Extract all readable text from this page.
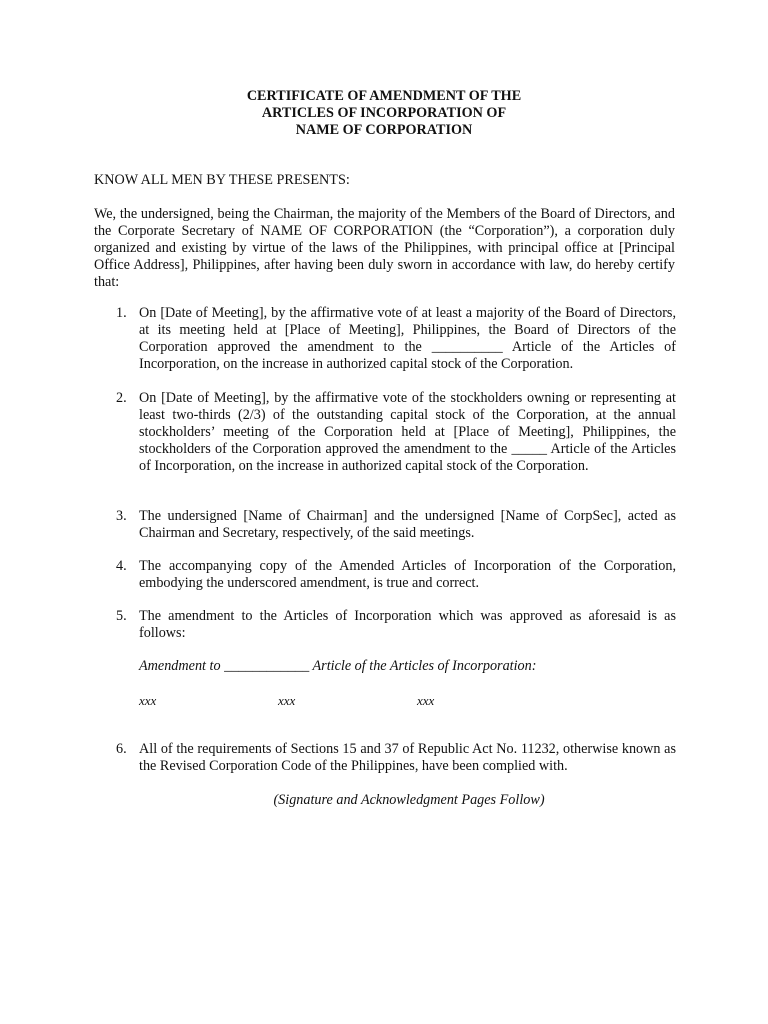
CERTIFICATE OF AMENDMENT OF THE
ARTICLES OF INCORPORATION OF
NAME OF CORPORATION
KNOW ALL MEN BY THESE PRESENTS:
We, the undersigned, being the Chairman, the majority of the Members of the Board of Directors, and the Corporate Secretary of NAME OF CORPORATION (the “Corporation”), a corporation duly organized and existing by virtue of the laws of the Philippines, with principal office at [Principal Office Address], Philippines, after having been duly sworn in accordance with law, do hereby certify that:
1. On [Date of Meeting], by the affirmative vote of at least a majority of the Board of Directors, at its meeting held at [Place of Meeting], Philippines, the Board of Directors of the Corporation approved the amendment to the __________ Article of the Articles of Incorporation, on the increase in authorized capital stock of the Corporation.
2. On [Date of Meeting], by the affirmative vote of the stockholders owning or representing at least two-thirds (2/3) of the outstanding capital stock of the Corporation, at the annual stockholders’ meeting of the Corporation held at [Place of Meeting], Philippines, the stockholders of the Corporation approved the amendment to the _____ Article of the Articles of Incorporation, on the increase in authorized capital stock of the Corporation.
3. The undersigned [Name of Chairman] and the undersigned [Name of CorpSec], acted as Chairman and Secretary, respectively, of the said meetings.
4. The accompanying copy of the Amended Articles of Incorporation of the Corporation, embodying the underscored amendment, is true and correct.
5. The amendment to the Articles of Incorporation which was approved as aforesaid is as follows:
Amendment to ____________ Article of the Articles of Incorporation:
xxx	xxx	xxx
6. All of the requirements of Sections 15 and 37 of Republic Act No. 11232, otherwise known as the Revised Corporation Code of the Philippines, have been complied with.
(Signature and Acknowledgment Pages Follow)
